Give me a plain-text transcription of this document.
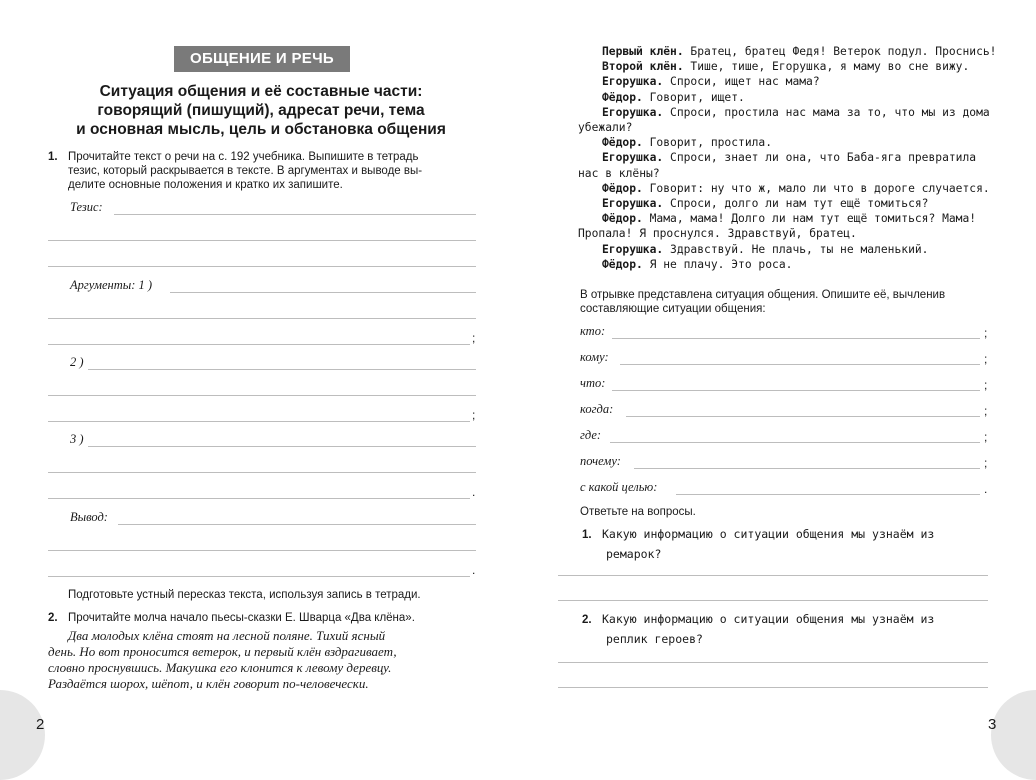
ОБЩЕНИЕ И РЕЧЬ
Ситуация общения и её составные части:
говорящий (пишущий), адресат речи, тема
и основная мысль, цель и обстановка общения
1. Прочитайте текст о речи на с. 192 учебника. Выпишите в тетрадь
тезис, который раскрывается в тексте. В аргументах и выводе вы-
делите основные положения и кратко их запишите.
Тезис:
Аргументы: 1 )
;
2 )
;
3 )
.
Вывод:
.
Подготовьте устный пересказ текста, используя запись в тетради.
2. Прочитайте молча начало пьесы-сказки Е. Шварца «Два клёна».
Два молодых клёна стоят на лесной поляне. Тихий ясный
день. Но вот проносится ветерок, и первый клён вздрагивает,
словно проснувшись. Макушка его клонится к левому деревцу.
Раздаётся шорох, шёпот, и клён говорит по-человечески.
2
Первый клён. Братец, братец Федя! Ветерок подул. Проснись!
Второй клён. Тише, тише, Егорушка, я маму во сне вижу.
Егорушка. Спроси, ищет нас мама?
Фёдор. Говорит, ищет.
Егорушка. Спроси, простила нас мама за то, что мы из дома
убежали?
Фёдор. Говорит, простила.
Егорушка. Спроси, знает ли она, что Баба-яга превратила
нас в клёны?
Фёдор. Говорит: ну что ж, мало ли что в дороге случается.
Егорушка. Спроси, долго ли нам тут ещё томиться?
Фёдор. Мама, мама! Долго ли нам тут ещё томиться? Мама!
Пропала! Я проснулся. Здравствуй, братец.
Егорушка. Здравствуй. Не плачь, ты не маленький.
Фёдор. Я не плачу. Это роса.
В отрывке представлена ситуация общения. Опишите её, вычленив
составляющие ситуации общения:
кто:	;
кому:	;
что:	;
когда:	;
где:	;
почему:	;
с какой целью:	.
Ответьте на вопросы.
1. Какую информацию о ситуации общения мы узнаём из
ремарок?
2. Какую информацию о ситуации общения мы узнаём из
реплик героев?
3
